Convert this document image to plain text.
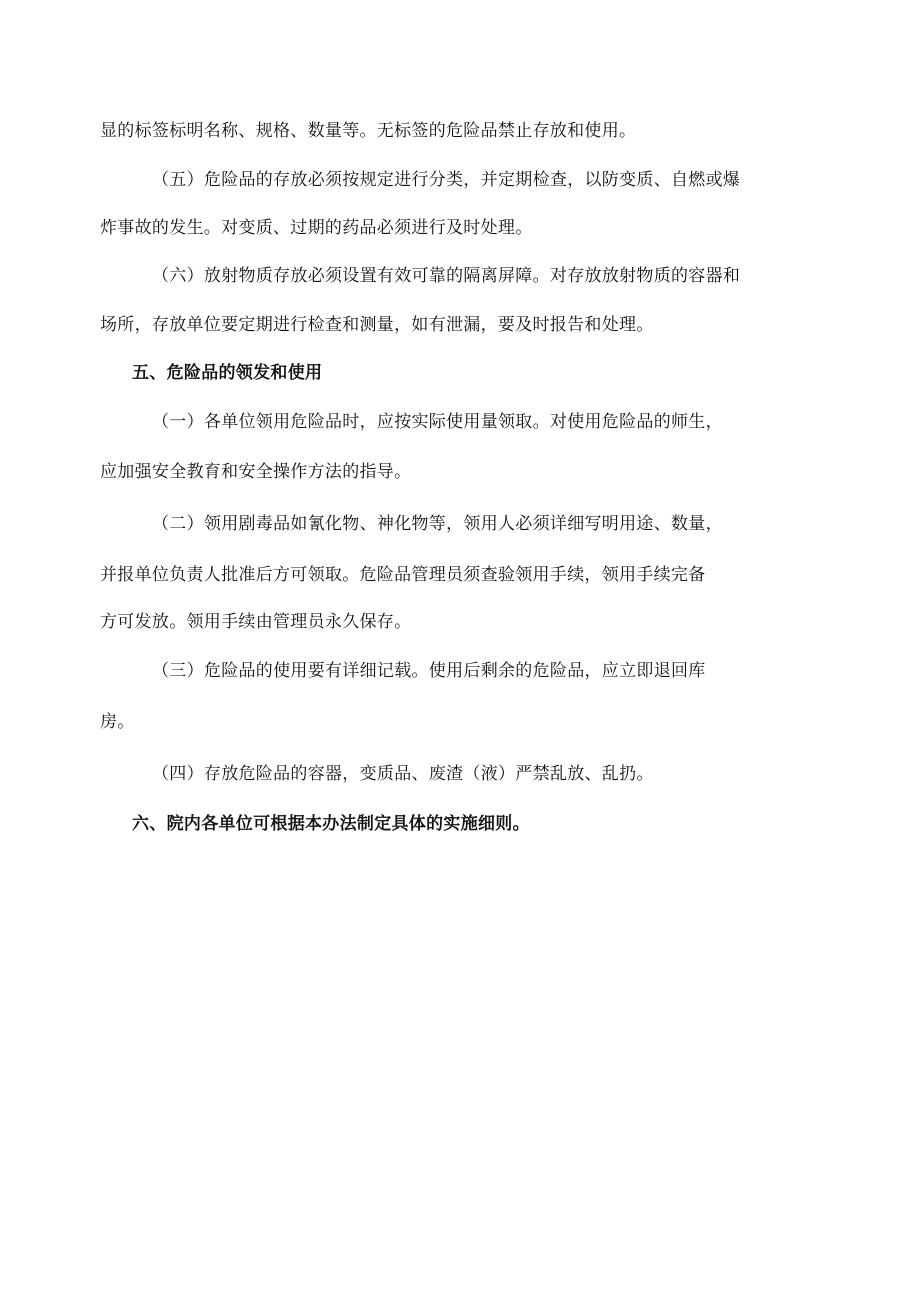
显的标签标明名称、规格、数量等。无标签的危险品禁止存放和使用。
（五）危险品的存放必须按规定进行分类，并定期检查，以防变质、自燃或爆
炸事故的发生。对变质、过期的药品必须进行及时处理。
（六）放射物质存放必须设置有效可靠的隔离屏障。对存放放射物质的容器和
场所，存放单位要定期进行检查和测量，如有泄漏，要及时报告和处理。
五、危险品的领发和使用
（一）各单位领用危险品时，应按实际使用量领取。对使用危险品的师生，
应加强安全教育和安全操作方法的指导。
（二）领用剧毒品如氰化物、神化物等，领用人必须详细写明用途、数量，
并报单位负责人批准后方可领取。危险品管理员须查验领用手续，领用手续完备
方可发放。领用手续由管理员永久保存。
（三）危险品的使用要有详细记载。使用后剩余的危险品，应立即退回库
房。
（四）存放危险品的容器，变质品、废渣（液）严禁乱放、乱扔。
六、院内各单位可根据本办法制定具体的实施细则。
